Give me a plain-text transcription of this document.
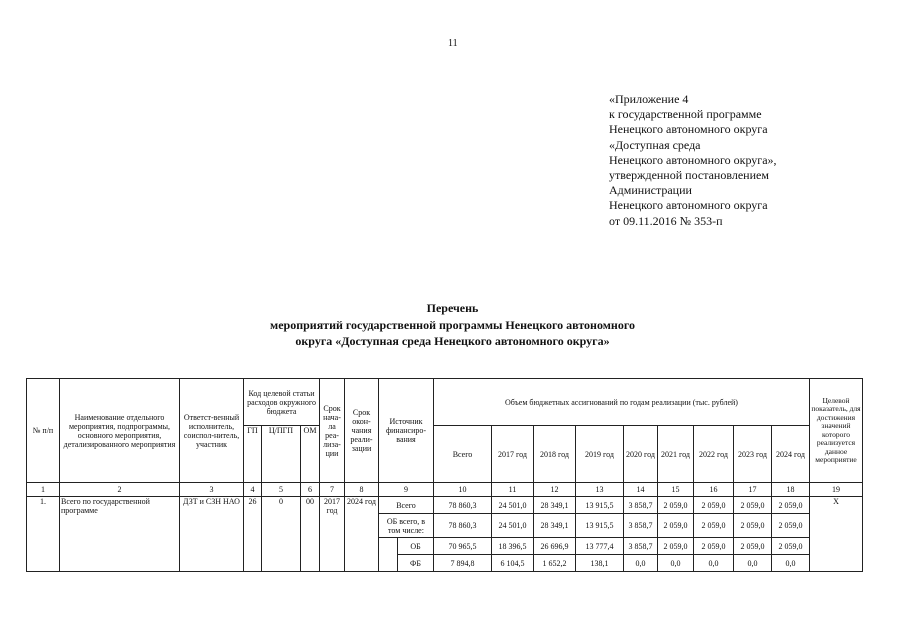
11
«Приложение 4
к государственной программе
Ненецкого автономного округа
«Доступная среда
Ненецкого автономного округа»,
утвержденной постановлением
Администрации
Ненецкого автономного округа
от 09.11.2016 № 353-п
Перечень
мероприятий государственной программы Ненецкого автономного
округа «Доступная среда Ненецкого автономного округа»
№ п/п	Наименование отдельного мероприятия, подпрограммы, основного мероприятия, детализированного мероприятия	Ответст-венный исполнитель, соиспол-нитель, участник	Код целевой статьи расходов окружного бюджета			Срок нача-ла реа-лиза-ции	Срок окон-чания реали-зации	Источник финансиро-вания		Объем бюджетных ассигнований по годам реализации (тыс. рублей)									Целевой показатель, для достижения значений которого реализуется данное мероприятие
			ГП	Ц/ПГП	ОМ					Всего	2017 год	2018 год	2019 год	2020 год	2021 год	2022 год	2023 год	2024 год	
1	2	3	4	5	6	7	8	9		10	11	12	13	14	15	16	17	18	19
1.	Всего по государственной программе	ДЗТ и СЗН НАО	26	0	00	2017 год	2024 год	Всего		78 860,3	24 501,0	28 349,1	13 915,5	3 858,7	2 059,0	2 059,0	2 059,0	2 059,0	Х
								ОБ всего, в том числе:		78 860,3	24 501,0	28 349,1	13 915,5	3 858,7	2 059,0	2 059,0	2 059,0	2 059,0	
									ОБ	70 965,5	18 396,5	26 696,9	13 777,4	3 858,7	2 059,0	2 059,0	2 059,0	2 059,0	
									ФБ	7 894,8	6 104,5	1 652,2	138,1	0,0	0,0	0,0	0,0	0,0	
